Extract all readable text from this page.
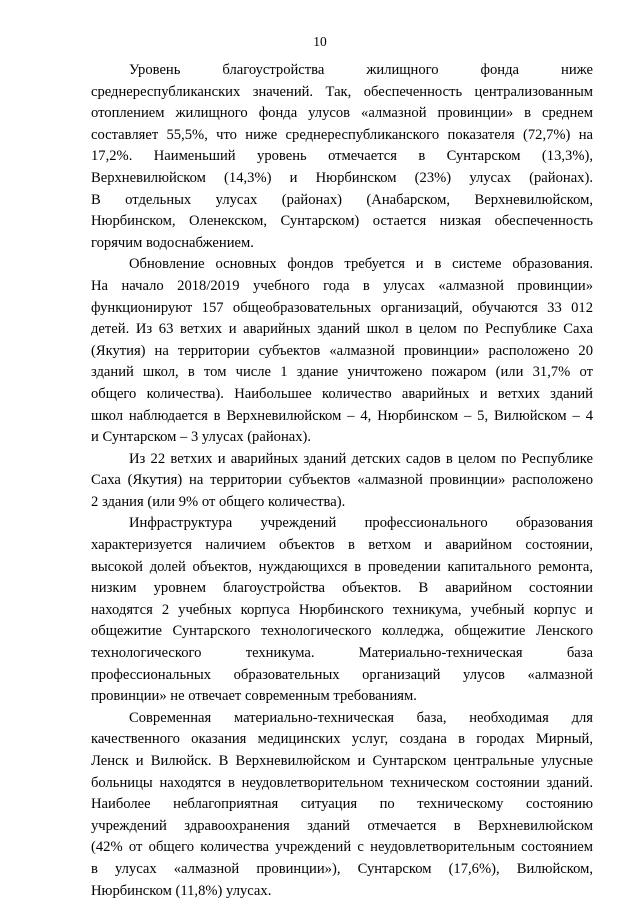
10
Уровень благоустройства жилищного фонда ниже
среднереспубликанских значений. Так, обеспеченность централизованным
отоплением жилищного фонда улусов «алмазной провинции» в среднем
составляет 55,5%, что ниже среднереспубликанского показателя (72,7%) на
17,2%. Наименьший уровень отмечается в Сунтарском (13,3%),
Верхневилюйском (14,3%) и Нюрбинском (23%) улусах (районах).
В отдельных улусах (районах) (Анабарском, Верхневилюйском,
Нюрбинском, Оленекском, Сунтарском) остается низкая обеспеченность
горячим водоснабжением.
Обновление основных фондов требуется и в системе образования.
На начало 2018/2019 учебного года в улусах «алмазной провинции»
функционируют 157 общеобразовательных организаций, обучаются 33 012
детей. Из 63 ветхих и аварийных зданий школ в целом по Республике Саха
(Якутия) на территории субъектов «алмазной провинции» расположено 20
зданий школ, в том числе 1 здание уничтожено пожаром (или 31,7% от
общего количества). Наибольшее количество аварийных и ветхих зданий
школ наблюдается в Верхневилюйском – 4, Нюрбинском – 5, Вилюйском – 4
и Сунтарском – 3 улусах (районах).
Из 22 ветхих и аварийных зданий детских садов в целом по Республике
Саха (Якутия) на территории субъектов «алмазной провинции» расположено
2 здания (или 9% от общего количества).
Инфраструктура учреждений профессионального образования
характеризуется наличием объектов в ветхом и аварийном состоянии,
высокой долей объектов, нуждающихся в проведении капитального ремонта,
низким уровнем благоустройства объектов. В аварийном состоянии
находятся 2 учебных корпуса Нюрбинского техникума, учебный корпус и
общежитие Сунтарского технологического колледжа, общежитие Ленского
технологического техникума. Материально-техническая база
профессиональных образовательных организаций улусов «алмазной
провинции» не отвечает современным требованиям.
Современная материально-техническая база, необходимая для
качественного оказания медицинских услуг, создана в городах Мирный,
Ленск и Вилюйск. В Верхневилюйском и Сунтарском центральные улусные
больницы находятся в неудовлетворительном техническом состоянии зданий.
Наиболее неблагоприятная ситуация по техническому состоянию
учреждений здравоохранения зданий отмечается в Верхневилюйском
(42% от общего количества учреждений с неудовлетворительным состоянием
в улусах «алмазной провинции»), Сунтарском (17,6%), Вилюйском,
Нюрбинском (11,8%) улусах.
